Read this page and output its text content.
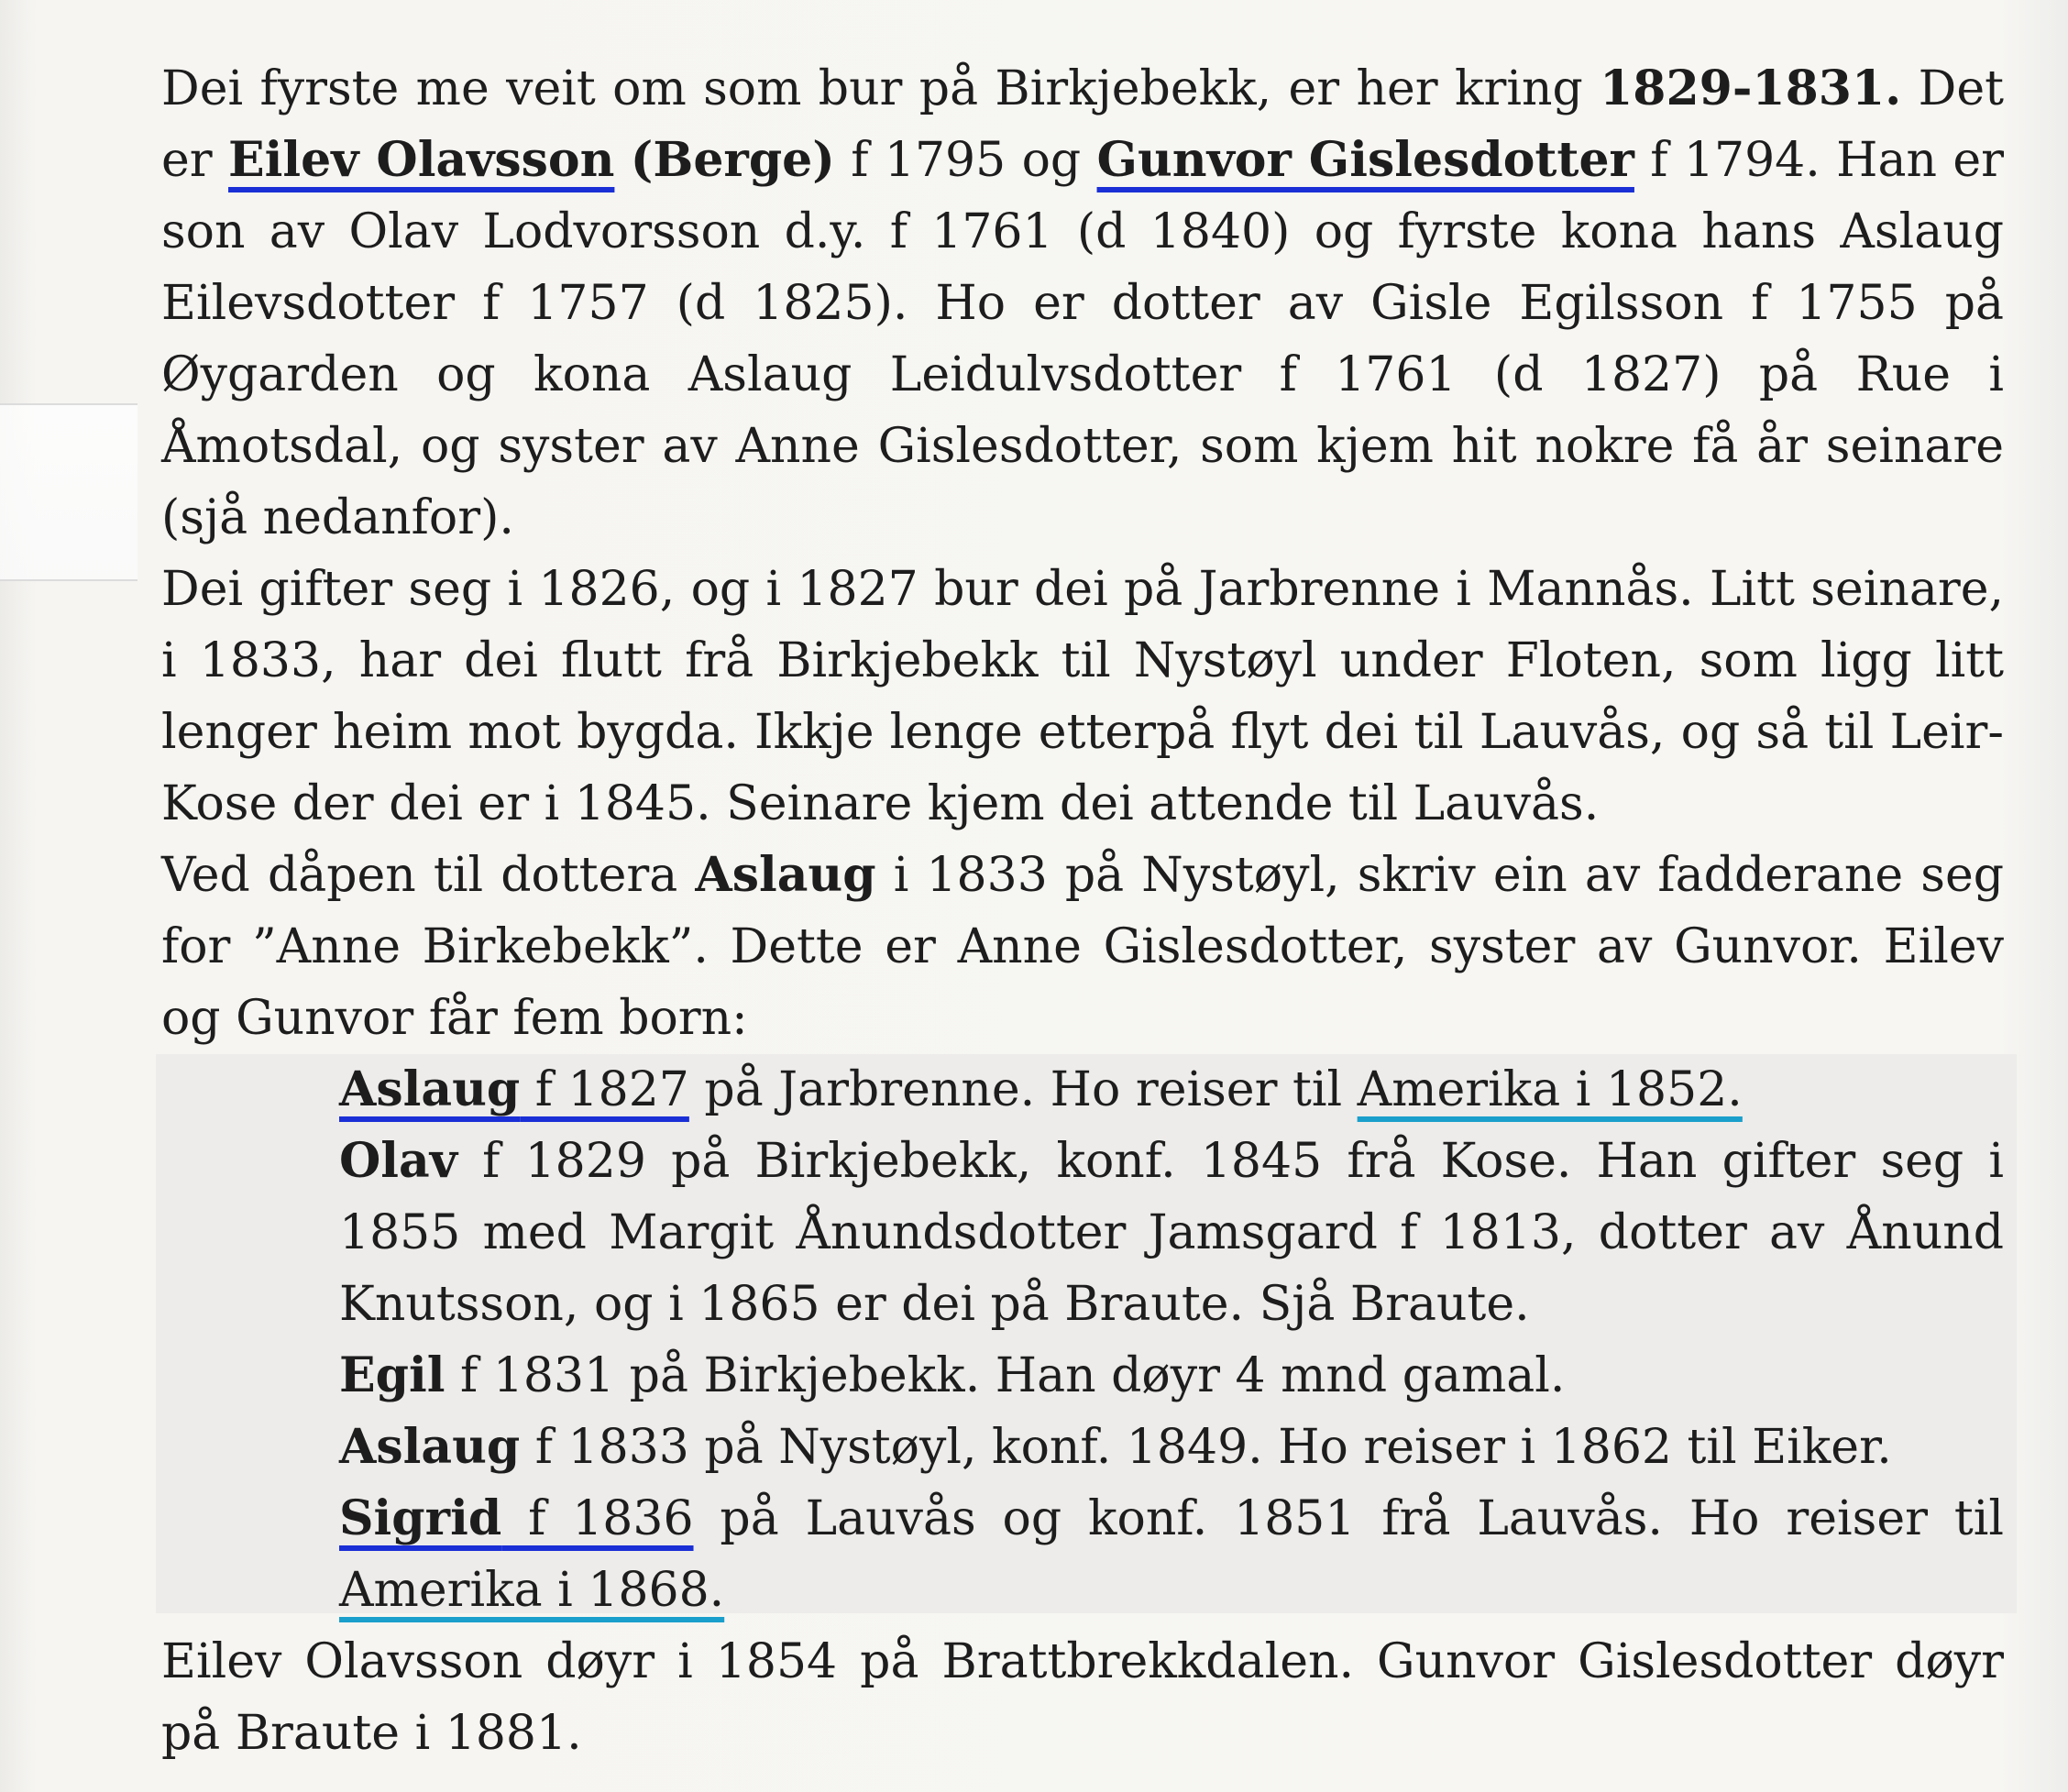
Dei fyrste me veit om som bur på Birkjebekk, er her kring 1829-1831. Det er Eilev Olavsson (Berge) f 1795 og Gunvor Gislesdotter f 1794. Han er son av Olav Lodvorsson d.y. f 1761 (d 1840) og fyrste kona hans Aslaug Eilevsdotter f 1757 (d 1825). Ho er dotter av Gisle Egilsson f 1755 på Øygarden og kona Aslaug Leidulvsdotter f 1761 (d 1827) på Rue i Åmotsdal, og syster av Anne Gislesdotter, som kjem hit nokre få år seinare (sjå nedanfor).

Dei gifter seg i 1826, og i 1827 bur dei på Jarbrenne i Mannås. Litt seinare, i 1833, har dei flutt frå Birkjebekk til Nystøyl under Floten, som ligg litt lenger heim mot bygda. Ikkje lenge etterpå flyt dei til Lauvås, og så til Leir-Kose der dei er i 1845. Seinare kjem dei attende til Lauvås.

Ved dåpen til dottera Aslaug i 1833 på Nystøyl, skriv ein av fadderane seg for ”Anne Birkebekk”. Dette er Anne Gislesdotter, syster av Gunvor. Eilev og Gunvor får fem born:

Aslaug f 1827 på Jarbrenne. Ho reiser til Amerika i 1852.

Olav f 1829 på Birkjebekk, konf. 1845 frå Kose. Han gifter seg i 1855 med Margit Ånundsdotter Jamsgard f 1813, dotter av Ånund Knutsson, og i 1865 er dei på Braute. Sjå Braute.

Egil f 1831 på Birkjebekk. Han døyr 4 mnd gamal.

Aslaug f 1833 på Nystøyl, konf. 1849. Ho reiser i 1862 til Eiker.

Sigrid f 1836 på Lauvås og konf. 1851 frå Lauvås. Ho reiser til Amerika i 1868.

Eilev Olavsson døyr i 1854 på Brattbrekkdalen. Gunvor Gislesdotter døyr på Braute i 1881.
